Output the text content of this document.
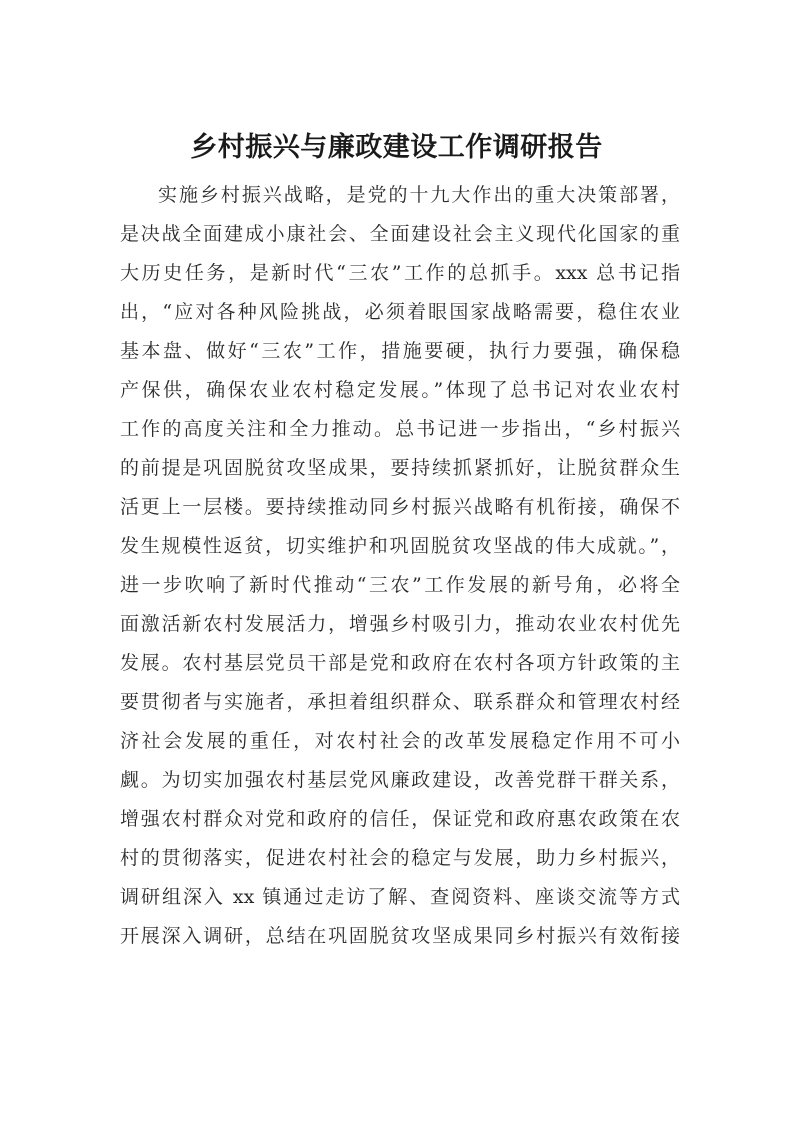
乡村振兴与廉政建设工作调研报告
实施乡村振兴战略，是党的十九大作出的重大决策部署，
是决战全面建成小康社会、全面建设社会主义现代化国家的重
大历史任务，是新时代“三农”工作的总抓手。xxx 总书记指
出，“应对各种风险挑战，必须着眼国家战略需要，稳住农业
基本盘、做好“三农”工作，措施要硬，执行力要强，确保稳
产保供，确保农业农村稳定发展。”体现了总书记对农业农村
工作的高度关注和全力推动。总书记进一步指出，“乡村振兴
的前提是巩固脱贫攻坚成果，要持续抓紧抓好，让脱贫群众生
活更上一层楼。要持续推动同乡村振兴战略有机衔接，确保不
发生规模性返贫，切实维护和巩固脱贫攻坚战的伟大成就。”，
进一步吹响了新时代推动“三农”工作发展的新号角，必将全
面激活新农村发展活力，增强乡村吸引力，推动农业农村优先
发展。农村基层党员干部是党和政府在农村各项方针政策的主
要贯彻者与实施者，承担着组织群众、联系群众和管理农村经
济社会发展的重任，对农村社会的改革发展稳定作用不可小
觑。为切实加强农村基层党风廉政建设，改善党群干群关系，
增强农村群众对党和政府的信任，保证党和政府惠农政策在农
村的贯彻落实，促进农村社会的稳定与发展，助力乡村振兴，
调研组深入 xx 镇通过走访了解、查阅资料、座谈交流等方式
开展深入调研，总结在巩固脱贫攻坚成果同乡村振兴有效衔接
